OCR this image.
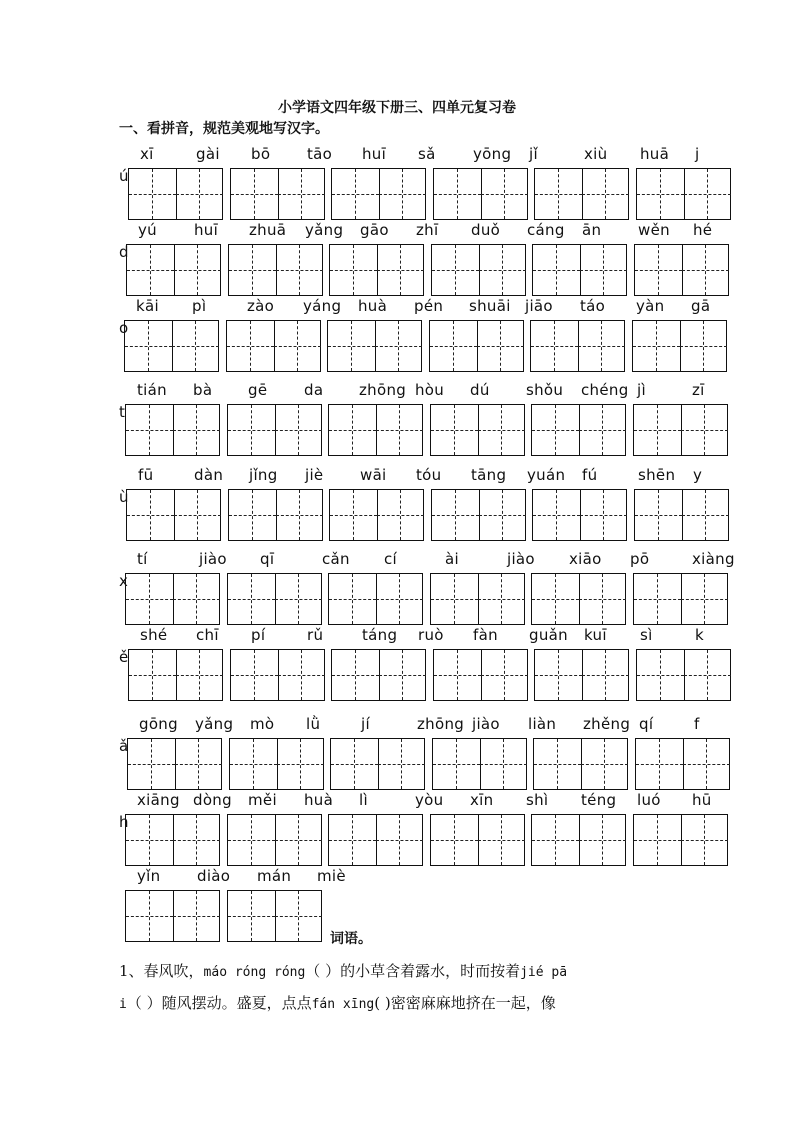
小学语文四年级下册三、四单元复习卷
一、看拼音，规范美观地写汉字。
xī	gài bō tāo huī sǎ yōng jǐ	xiù huā j
ú
yú huī zhuā yǎng gāo zhī duǒ cáng ān wěn hé
d
kāi pì	zào yáng huà pén shuāi jiāo táo yàn gā
o
tián bà gē da zhōng hòu dú shǒu chéng jì	zī
t
fū	dàn jǐng jiè wāi tóu tāng yuán fú	shēn y
ù
tí	jiào qī	cǎn cí	ài	jiào xiāo pō	xiàng
x
shé chī pí	rǔ	táng ruò fàn guǎn kuī sì	k
ě
gōng yǎng mò lǜ	jí	zhōng jiào liàn zhěng qí	f
ǎ
xiāng dòng měi huà lì	yòu xīn shì téng luó hū
h
yǐn diào mán miè
词语。
1、春风吹，máo róng róng（ ）的小草含着露水，时而按着jié pā
i（ ）随风摆动。盛夏，点点fán xīng( )密密麻麻地挤在一起，像
